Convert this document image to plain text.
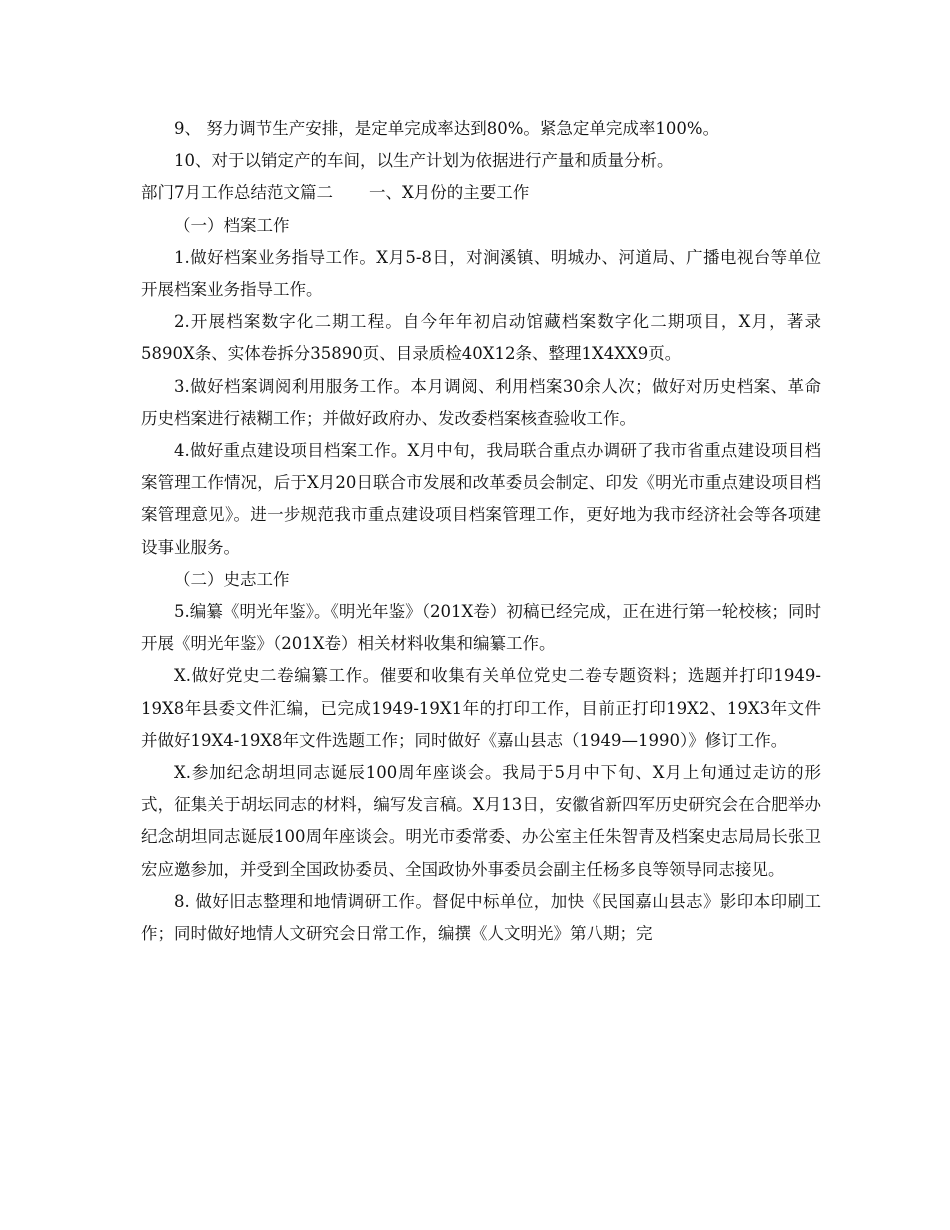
9、 努力调节生产安排，是定单完成率达到80%。紧急定单完成率100%。

10、对于以销定产的车间，以生产计划为依据进行产量和质量分析。

部门7月工作总结范文篇二 一、X月份的主要工作

（一）档案工作

1.做好档案业务指导工作。X月5-8日，对涧溪镇、明城办、河道局、广播电视台等单位开展档案业务指导工作。

2.开展档案数字化二期工程。自今年年初启动馆藏档案数字化二期项目，X月，著录5890X条、实体卷拆分35890页、目录质检40X12条、整理1X4XX9页。

3.做好档案调阅利用服务工作。本月调阅、利用档案30余人次；做好对历史档案、革命历史档案进行裱糊工作；并做好政府办、发改委档案核查验收工作。

4.做好重点建设项目档案工作。X月中旬，我局联合重点办调研了我市省重点建设项目档案管理工作情况，后于X月20日联合市发展和改革委员会制定、印发《明光市重点建设项目档案管理意见》。进一步规范我市重点建设项目档案管理工作，更好地为我市经济社会等各项建设事业服务。

（二）史志工作

5.编纂《明光年鉴》。《明光年鉴》（201X卷）初稿已经完成，正在进行第一轮校核；同时开展《明光年鉴》（201X卷）相关材料收集和编纂工作。

X.做好党史二卷编纂工作。催要和收集有关单位党史二卷专题资料；选题并打印1949-19X8年县委文件汇编，已完成1949-19X1年的打印工作，目前正打印19X2、19X3年文件并做好19X4-19X8年文件选题工作；同时做好《嘉山县志（1949—1990）》修订工作。

X.参加纪念胡坦同志诞辰100周年座谈会。我局于5月中下旬、X月上旬通过走访的形式，征集关于胡坛同志的材料，编写发言稿。X月13日，安徽省新四军历史研究会在合肥举办纪念胡坦同志诞辰100周年座谈会。明光市委常委、办公室主任朱智青及档案史志局局长张卫宏应邀参加，并受到全国政协委员、全国政协外事委员会副主任杨多良等领导同志接见。

8. 做好旧志整理和地情调研工作。督促中标单位，加快《民国嘉山县志》影印本印刷工作；同时做好地情人文研究会日常工作，编撰《人文明光》第八期；完
